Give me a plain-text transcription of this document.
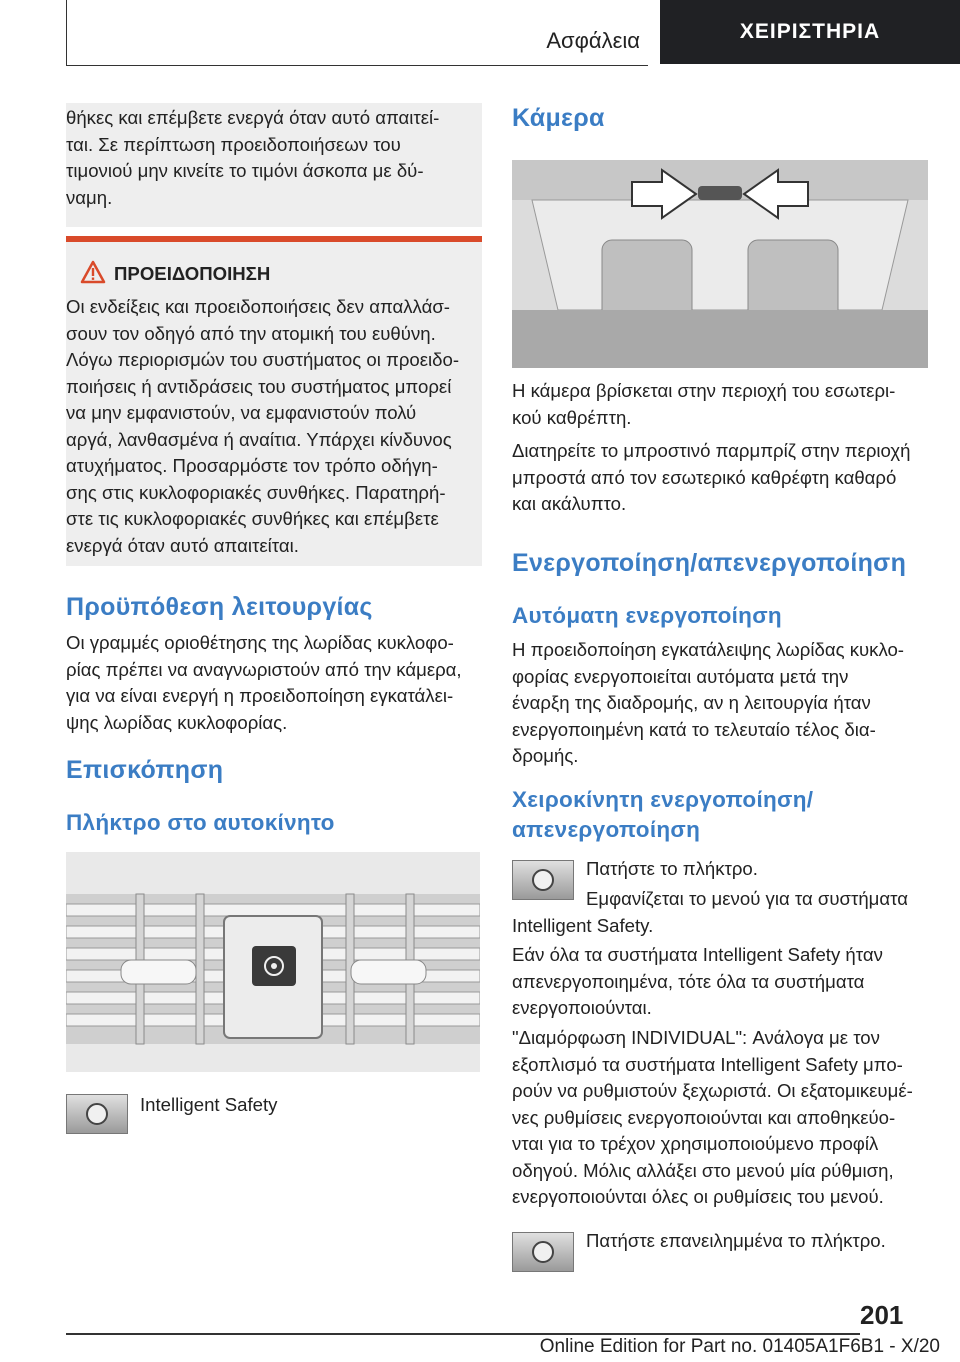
Ασφάλεια	ΧΕΙΡΙΣΤΗΡΙΑ

θήκες και επέμβετε ενεργά όταν αυτό απαιτεί-

ται. Σε περίπτωση προειδοποιήσεων του

τιμονιού μην κινείτε το τιμόνι άσκοπα με δύ-

ναμη.

ΠΡΟΕΙΔΟΠΟΙΗΣΗ

Οι ενδείξεις και προειδοποιήσεις δεν απαλλάσ-

σουν τον οδηγό από την ατομική του ευθύνη.

Λόγω περιορισμών του συστήματος οι προειδο-

ποιήσεις ή αντιδράσεις του συστήματος μπορεί

να μην εμφανιστούν, να εμφανιστούν πολύ

αργά, λανθασμένα ή αναίτια. Υπάρχει κίνδυνος

ατυχήματος. Προσαρμόστε τον τρόπο οδήγη-

σης στις κυκλοφοριακές συνθήκες. Παρατηρή-

στε τις κυκλοφοριακές συνθήκες και επέμβετε

ενεργά όταν αυτό απαιτείται.

Προϋπόθεση λειτουργίας

Οι γραμμές οριοθέτησης της λωρίδας κυκλοφο-

ρίας πρέπει να αναγνωριστούν από την κάμερα,

για να είναι ενεργή η προειδοποίηση εγκατάλει-

ψης λωρίδας κυκλοφορίας.

Επισκόπηση
Πλήκτρο στο αυτοκίνητο

Intelligent Safety

Κάμερα

Η κάμερα βρίσκεται στην περιοχή του εσωτερι-

κού καθρέπτη.

Διατηρείτε το μπροστινό παρμπρίζ στην περιοχή

μπροστά από τον εσωτερικό καθρέφτη καθαρό

και ακάλυπτο.

Ενεργοποίηση/απενεργοποίηση
Αυτόματη ενεργοποίηση

Η προειδοποίηση εγκατάλειψης λωρίδας κυκλο-

φορίας ενεργοποιείται αυτόματα μετά την

έναρξη της διαδρομής, αν η λειτουργία ήταν

ενεργοποιημένη κατά το τελευταίο τέλος δια-

δρομής.

Χειροκίνητη ενεργοποίηση/
απενεργοποίηση

Πατήστε το πλήκτρο.

Εμφανίζεται το μενού για τα συστήματα

Intelligent Safety.

Εάν όλα τα συστήματα Intelligent Safety ήταν

απενεργοποιημένα, τότε όλα τα συστήματα

ενεργοποιούνται.

"Διαμόρφωση INDIVIDUAL": Ανάλογα με τον

εξοπλισμό τα συστήματα Intelligent Safety μπο-

ρούν να ρυθμιστούν ξεχωριστά. Οι εξατομικευμέ-

νες ρυθμίσεις ενεργοποιούνται και αποθηκεύο-

νται για το τρέχον χρησιμοποιούμενο προφίλ

οδηγού. Μόλις αλλάξει στο μενού μία ρύθμιση,

ενεργοποιούνται όλες οι ρυθμίσεις του μενού.

Πατήστε επανειλημμένα το πλήκτρο.

201
Online Edition for Part no. 01405A1F6B1 - X/20
